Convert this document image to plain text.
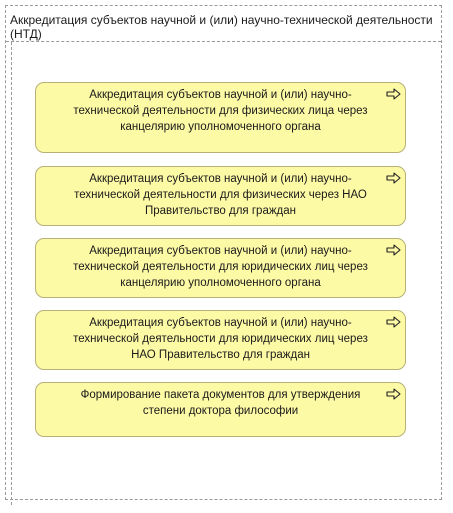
Аккредитация субъектов научной и (или) научно-технической деятельности (НТД)
Аккредитация субъектов научной и (или) научно-технической деятельности для физических лица через канцелярию уполномоченного органа
Аккредитация субъектов научной и (или) научно-технической деятельности для физических через НАО Правительство для граждан
Аккредитация субъектов научной и (или) научно-технической деятельности для юридических лиц через канцелярию уполномоченного органа
Аккредитация субъектов научной и (или) научно-технической деятельности для юридических лиц через НАО Правительство для граждан
Формирование пакета документов для утверждения степени доктора философии
